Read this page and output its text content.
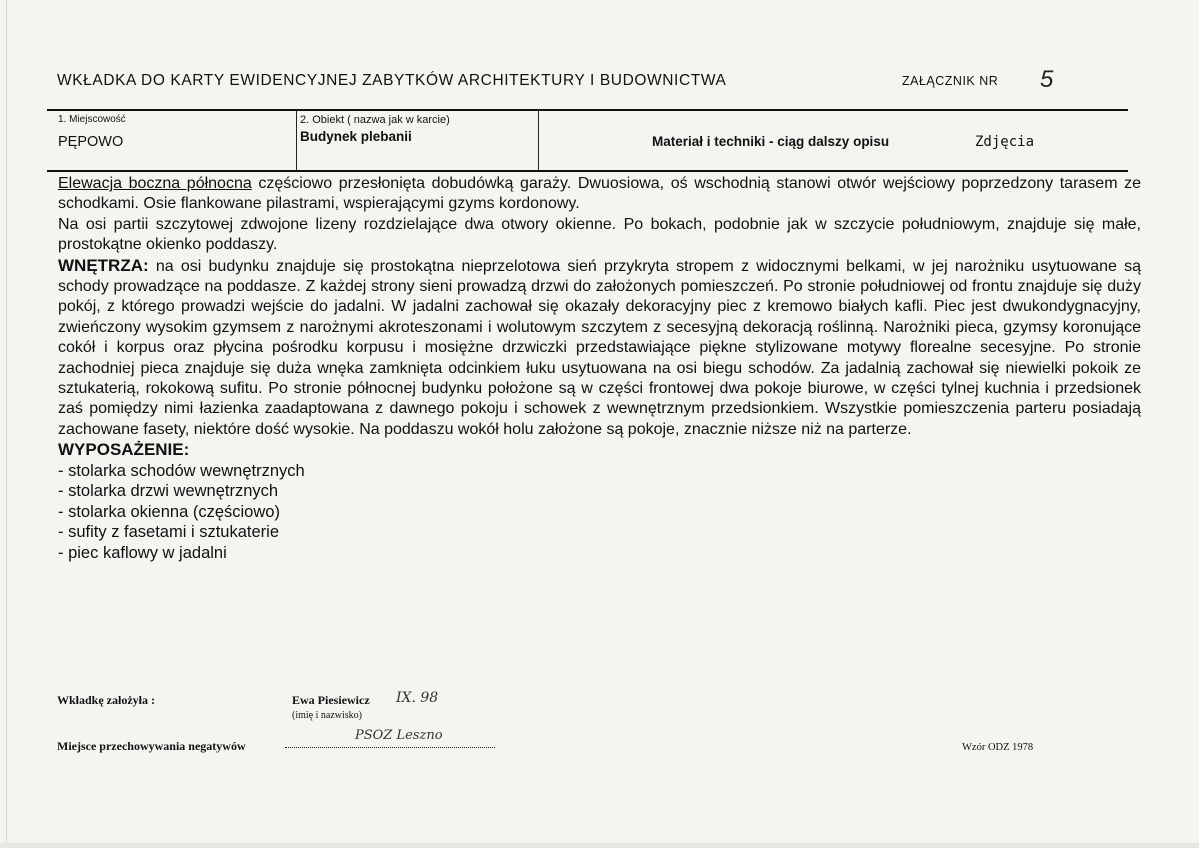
WKŁADKA DO KARTY EWIDENCYJNEJ ZABYTKÓW ARCHITEKTURY I BUDOWNICTWA	ZAŁĄCZNIK NR 5
1. Miejscowość
PĘPOWO
2. Obiekt ( nazwa jak w karcie)
Budynek plebanii	Materiał i techniki - ciąg dalszy opisu	Zdjęcia

Elewacja boczna północna częściowo przesłonięta dobudówką garaży. Dwuosiowa, oś wschodnią stanowi otwór wejściowy poprzedzony tarasem ze schodkami. Osie flankowane pilastrami, wspierającymi gzyms kordonowy.

Na osi partii szczytowej zdwojone lizeny rozdzielające dwa otwory okienne. Po bokach, podobnie jak w szczycie południowym, znajduje się małe, prostokątne okienko poddaszy.

WNĘTRZA: na osi budynku znajduje się prostokątna nieprzelotowa sień przykryta stropem z widocznymi belkami, w jej narożniku usytuowane są schody prowadzące na poddasze. Z każdej strony sieni prowadzą drzwi do założonych pomieszczeń. Po stronie południowej od frontu znajduje się duży pokój, z którego prowadzi wejście do jadalni. W jadalni zachował się okazały dekoracyjny piec z kremowo białych kafli. Piec jest dwukondygnacyjny, zwieńczony wysokim gzymsem z narożnymi akroteszonami i wolutowym szczytem z secesyjną dekoracją roślinną. Narożniki pieca, gzymsy koronujące cokół i korpus oraz płycina pośrodku korpusu i mosiężne drzwiczki przedstawiające piękne stylizowane motywy florealne secesyjne. Po stronie zachodniej pieca znajduje się duża wnęka zamknięta odcinkiem łuku usytuowana na osi biegu schodów. Za jadalnią zachował się niewielki pokoik ze sztukaterią, rokokową sufitu. Po stronie północnej budynku położone są w części frontowej dwa pokoje biurowe, w części tylnej kuchnia i przedsionek zaś pomiędzy nimi łazienka zaadaptowana z dawnego pokoju i schowek z wewnętrznym przedsionkiem. Wszystkie pomieszczenia parteru posiadają zachowane fasety, niektóre dość wysokie. Na poddaszu wokół holu założone są pokoje, znacznie niższe niż na parterze.

WYPOSAŻENIE:

- stolarka schodów wewnętrznych
- stolarka drzwi wewnętrznych
- stolarka okienna (częściowo)
- sufity z fasetami i sztukaterie
- piec kaflowy w jadalni
Wkładkę założyła :	Ewa Piesiewicz
(imię i nazwisko)
IX. 98
Miejsce przechowywania negatywów
PSOZ Leszno
Wzór ODZ 1978
